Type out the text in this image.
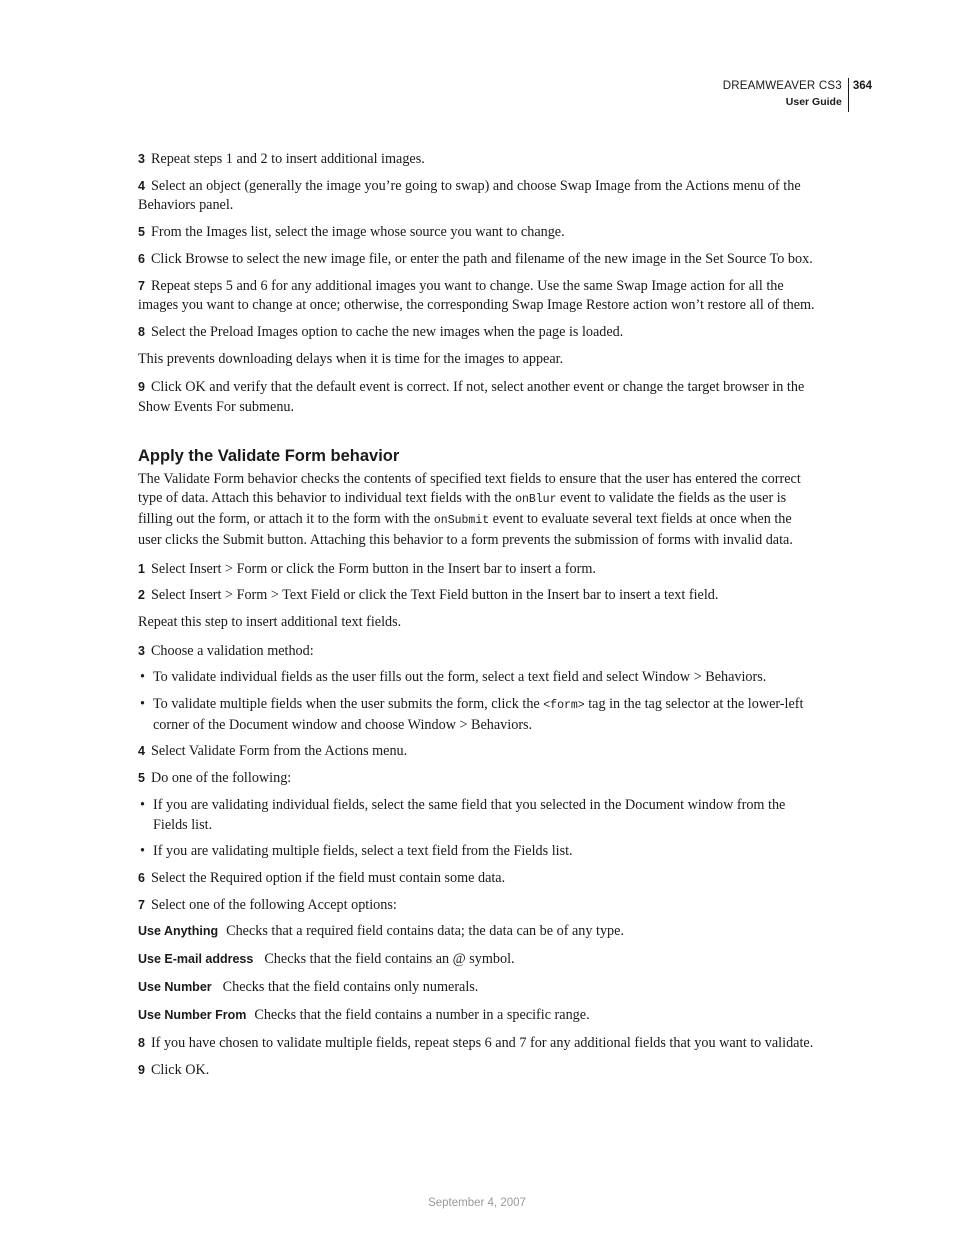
DREAMWEAVER CS3
User Guide
364

3 Repeat steps 1 and 2 to insert additional images.

4 Select an object (generally the image you’re going to swap) and choose Swap Image from the Actions menu of the Behaviors panel.

5 From the Images list, select the image whose source you want to change.

6 Click Browse to select the new image file, or enter the path and filename of the new image in the Set Source To box.

7 Repeat steps 5 and 6 for any additional images you want to change. Use the same Swap Image action for all the images you want to change at once; otherwise, the corresponding Swap Image Restore action won’t restore all of them.

8 Select the Preload Images option to cache the new images when the page is loaded.

This prevents downloading delays when it is time for the images to appear.

9 Click OK and verify that the default event is correct. If not, select another event or change the target browser in the Show Events For submenu.

Apply the Validate Form behavior

The Validate Form behavior checks the contents of specified text fields to ensure that the user has entered the correct type of data. Attach this behavior to individual text fields with the onBlur event to validate the fields as the user is filling out the form, or attach it to the form with the onSubmit event to evaluate several text fields at once when the user clicks the Submit button. Attaching this behavior to a form prevents the submission of forms with invalid data.

1 Select Insert > Form or click the Form button in the Insert bar to insert a form.

2 Select Insert > Form > Text Field or click the Text Field button in the Insert bar to insert a text field.

Repeat this step to insert additional text fields.

3 Choose a validation method:

• To validate individual fields as the user fills out the form, select a text field and select Window > Behaviors.
• To validate multiple fields when the user submits the form, click the <form> tag in the tag selector at the lower-left corner of the Document window and choose Window > Behaviors.

4 Select Validate Form from the Actions menu.

5 Do one of the following:

• If you are validating individual fields, select the same field that you selected in the Document window from the Fields list.
• If you are validating multiple fields, select a text field from the Fields list.

6 Select the Required option if the field must contain some data.

7 Select one of the following Accept options:

Use Anything Checks that a required field contains data; the data can be of any type.
Use E-mail address Checks that the field contains an @ symbol.
Use Number Checks that the field contains only numerals.
Use Number From Checks that the field contains a number in a specific range.

8 If you have chosen to validate multiple fields, repeat steps 6 and 7 for any additional fields that you want to validate.

9 Click OK.

September 4, 2007
